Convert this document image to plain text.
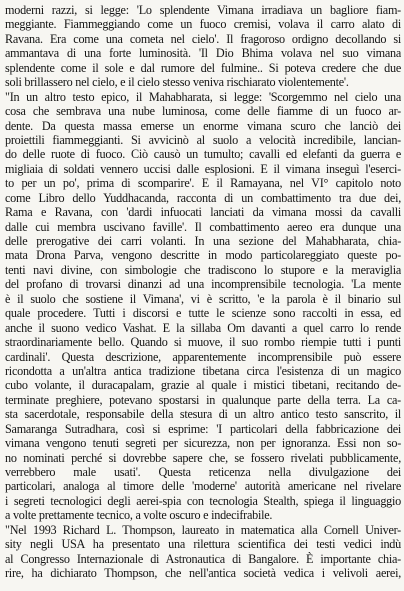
moderni razzi, si legge: 'Lo splendente Vimana irradiava un bagliore fiam-
meggiante. Fiammeggiando come un fuoco cremisi, volava il carro alato di
Ravana. Era come una cometa nel cielo'. Il fragoroso ordigno decollando si
ammantava di una forte luminosità. 'Il Dio Bhima volava nel suo vimana
splendente come il sole e dal rumore del fulmine.. Si poteva credere che due
soli brillassero nel cielo, e il cielo stesso veniva rischiarato violentemente'.
"In un altro testo epico, il Mahabharata, si legge: 'Scorgemmo nel cielo una
cosa che sembrava una nube luminosa, come delle fiamme di un fuoco ar-
dente. Da questa massa emerse un enorme vimana scuro che lanciò dei
proiettili fiammeggianti. Si avvicinò al suolo a velocità incredibile, lancian-
do delle ruote di fuoco. Ciò causò un tumulto; cavalli ed elefanti da guerra e
migliaia di soldati vennero uccisi dalle esplosioni. E il vimana inseguì l'eserci-
to per un po', prima di scomparire'. E il Ramayana, nel VI° capitolo noto
come Libro dello Yuddhacanda, racconta di un combattimento tra due dei,
Rama e Ravana, con 'dardi infuocati lanciati da vimana mossi da cavalli
dalle cui membra uscivano faville'. Il combattimento aereo era dunque una
delle prerogative dei carri volanti. In una sezione del Mahabharata, chia-
mata Drona Parva, vengono descritte in modo particolareggiato queste po-
tenti navi divine, con simbologie che tradiscono lo stupore e la meraviglia
del profano di trovarsi dinanzi ad una incomprensibile tecnologia. 'La mente
è il suolo che sostiene il Vimana', vi è scritto, 'e la parola è il binario sul
quale procedere. Tutti i discorsi e tutte le scienze sono raccolti in essa, ed
anche il suono vedico Vashat. E la sillaba Om davanti a quel carro lo rende
straordinariamente bello. Quando si muove, il suo rombo riempie tutti i punti
cardinali'. Questa descrizione, apparentemente incomprensibile può essere
ricondotta a un'altra antica tradizione tibetana circa l'esistenza di un magico
cubo volante, il duracapalam, grazie al quale i mistici tibetani, recitando de-
terminate preghiere, potevano spostarsi in qualunque parte della terra. La ca-
sta sacerdotale, responsabile della stesura di un altro antico testo sanscrito, il
Samaranga Sutradhara, così si esprime: 'I particolari della fabbricazione dei
vimana vengono tenuti segreti per sicurezza, non per ignoranza. Essi non so-
no nominati perché si dovrebbe sapere che, se fossero rivelati pubblicamente,
verrebbero male usati'. Questa reticenza nella divulgazione dei
particolari, analoga al timore delle 'moderne' autorità americane nel rivelare
i segreti tecnologici degli aerei-spia con tecnologia Stealth, spiega il linguaggio
a volte prettamente tecnico, a volte oscuro e indecifrabile.
"Nel 1993 Richard L. Thompson, laureato in matematica alla Cornell Univer-
sity negli USA ha presentato una rilettura scientifica dei testi vedici indù
al Congresso Internazionale di Astronautica di Bangalore. È importante chia-
rire, ha dichiarato Thompson, che nell'antica società vedica i velivoli aerei,
